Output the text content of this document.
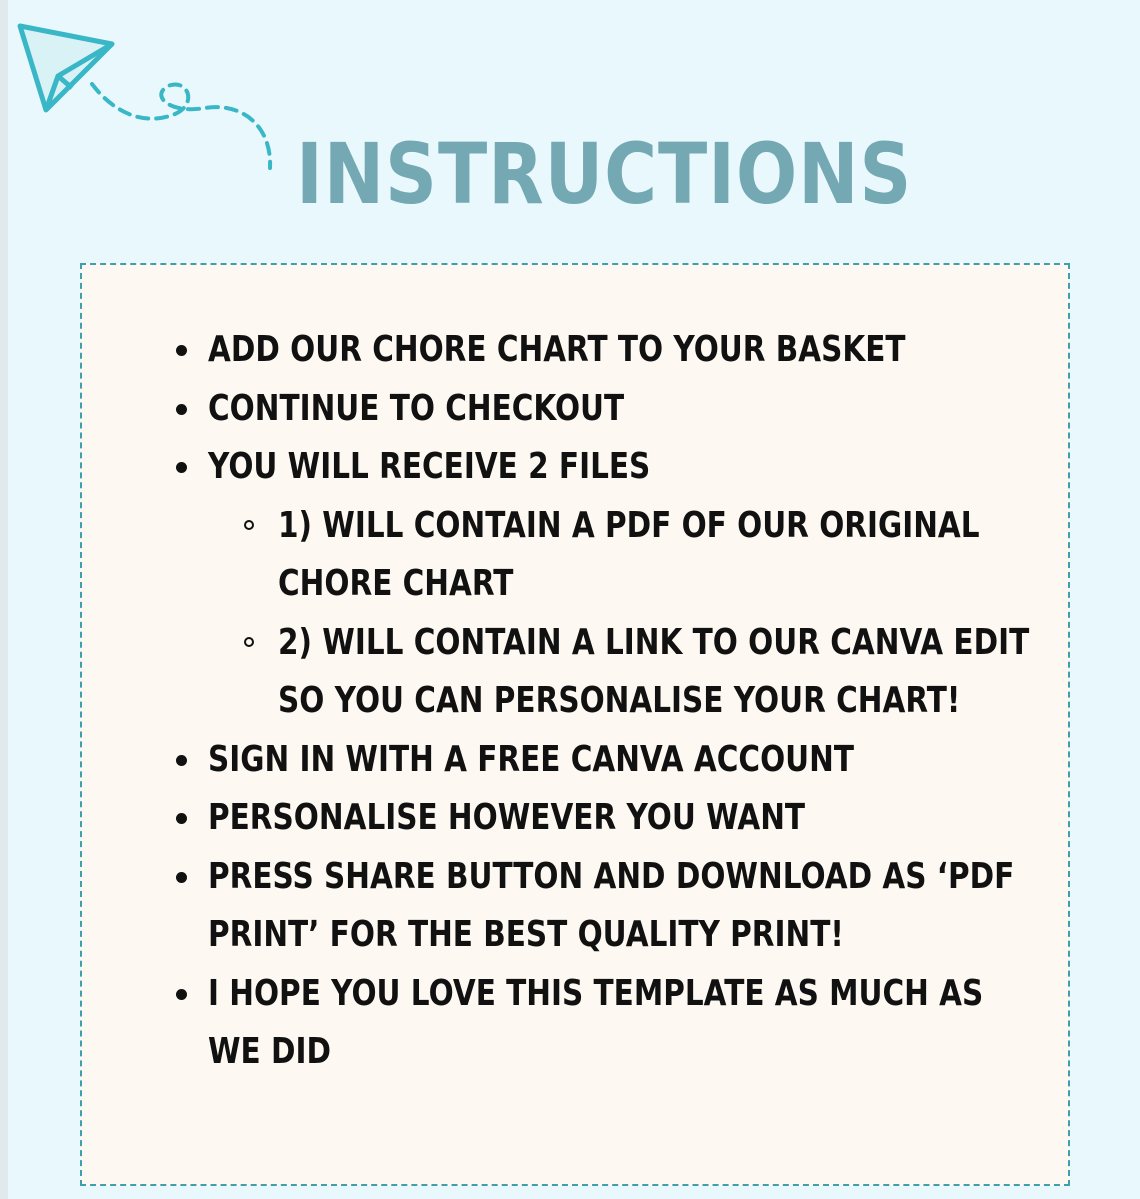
INSTRUCTIONS
ADD OUR CHORE CHART TO YOUR BASKET
CONTINUE TO CHECKOUT
YOU WILL RECEIVE 2 FILES
1) WILL CONTAIN A PDF OF OUR ORIGINAL CHORE CHART
2) WILL CONTAIN A LINK TO OUR CANVA EDIT SO YOU CAN PERSONALISE YOUR CHART!
SIGN IN WITH A FREE CANVA ACCOUNT
PERSONALISE HOWEVER YOU WANT
PRESS SHARE BUTTON AND DOWNLOAD AS ‘PDF PRINT’ FOR THE BEST QUALITY PRINT!
I HOPE YOU LOVE THIS TEMPLATE AS MUCH AS WE DID
